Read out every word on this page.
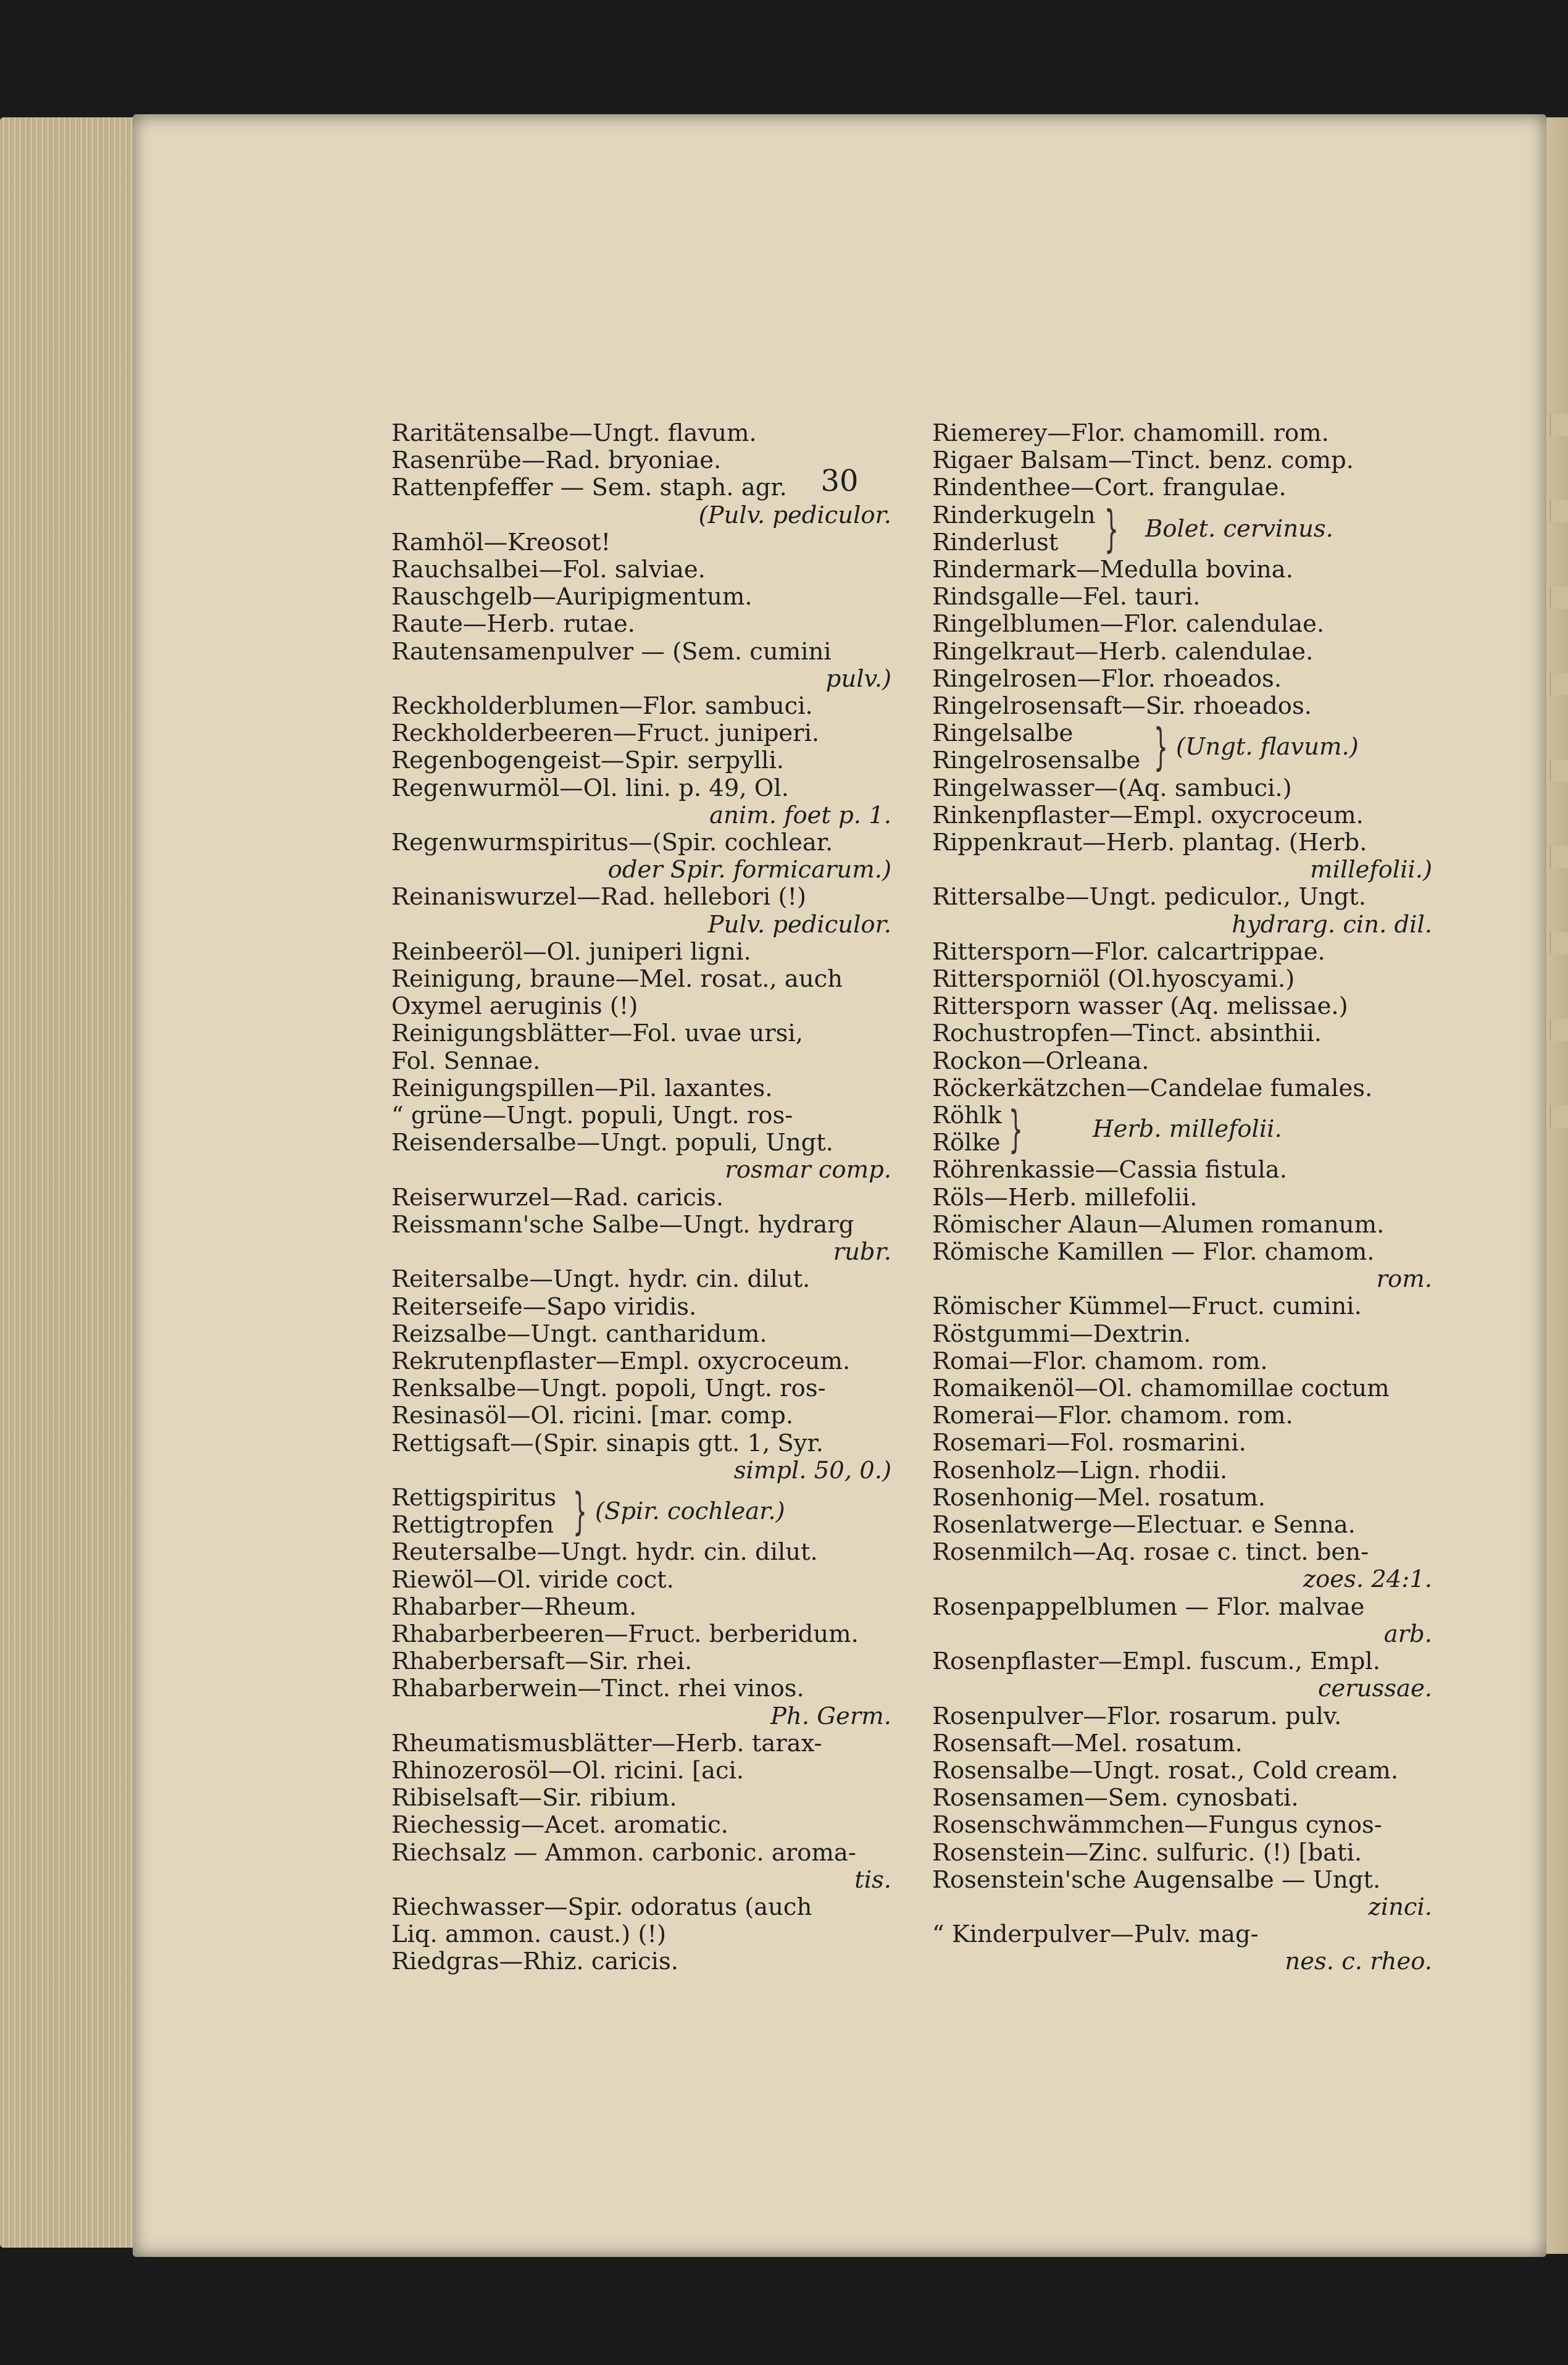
30
Raritätensalbe—Ungt. flavum.
Rasenrübe—Rad. bryoniae.
Rattenpfeffer — Sem. staph. agr.
(Pulv. pediculor.
Ramhöl—Kreosot!
Rauchsalbei—Fol. salviae.
Rauschgelb—Auripigmentum.
Raute—Herb. rutae.
Rautensamenpulver — (Sem. cumini
pulv.)
Reckholderblumen—Flor. sambuci.
Reckholderbeeren—Fruct. juniperi.
Regenbogengeist—Spir. serpylli.
Regenwurmöl—Ol. lini. p. 49, Ol.
anim. foet p. 1.
Regenwurmspiritus—(Spir. cochlear.
oder Spir. formicarum.)
Reinaniswurzel—Rad. hellebori (!)
Pulv. pediculor.
Reinbeeröl—Ol. juniperi ligni.
Reinigung, braune—Mel. rosat., auch
Oxymel aeruginis (!)
Reinigungsblätter—Fol. uvae ursi,
Fol. Sennae.
Reinigungspillen—Pil. laxantes.
“ grüne—Ungt. populi, Ungt. ros-
Reisendersalbe—Ungt. populi, Ungt.
rosmar comp.
Reiserwurzel—Rad. caricis.
Reissmann'sche Salbe—Ungt. hydrarg
rubr.
Reitersalbe—Ungt. hydr. cin. dilut.
Reiterseife—Sapo viridis.
Reizsalbe—Ungt. cantharidum.
Rekrutenpflaster—Empl. oxycroceum.
Renksalbe—Ungt. popoli, Ungt. ros-
Resinasöl—Ol. ricini. [mar. comp.
Rettigsaft—(Spir. sinapis gtt. 1, Syr.
simpl. 50, 0.)
Rettigspiritus
Rettigtropfen } (Spir. cochlear.)
Reutersalbe—Ungt. hydr. cin. dilut.
Riewöl—Ol. viride coct.
Rhabarber—Rheum.
Rhabarberbeeren—Fruct. berberidum.
Rhaberbersaft—Sir. rhei.
Rhabarberwein—Tinct. rhei vinos.
Ph. Germ.
Rheumatismusblätter—Herb. tarax-
Rhinozerosöl—Ol. ricini. [aci.
Ribiselsaft—Sir. ribium.
Riechessig—Acet. aromatic.
Riechsalz — Ammon. carbonic. aroma-
tis.
Riechwasser—Spir. odoratus (auch
Liq. ammon. caust.) (!)
Riedgras—Rhiz. caricis.
Riemerey—Flor. chamomill. rom.
Rigaer Balsam—Tinct. benz. comp.
Rindenthee—Cort. frangulae.
Rinderkugeln
Rinderlust } Bolet. cervinus.
Rindermark—Medulla bovina.
Rindsgalle—Fel. tauri.
Ringelblumen—Flor. calendulae.
Ringelkraut—Herb. calendulae.
Ringelrosen—Flor. rhoeados.
Ringelrosensaft—Sir. rhoeados.
Ringelsalbe
Ringelrosensalbe } (Ungt. flavum.)
Ringelwasser—(Aq. sambuci.)
Rinkenpflaster—Empl. oxycroceum.
Rippenkraut—Herb. plantag. (Herb.
millefolii.)
Rittersalbe—Ungt. pediculor., Ungt.
hydrarg. cin. dil.
Rittersporn—Flor. calcartrippae.
Rittersporniöl (Ol.hyoscyami.)
Rittersporn wasser (Aq. melissae.)
Rochustropfen—Tinct. absinthii.
Rockon—Orleana.
Röckerkätzchen—Candelae fumales.
Röhlk
Rölke }	Herb. millefolii.
Röhrenkassie—Cassia fistula.
Röls—Herb. millefolii.
Römischer Alaun—Alumen romanum.
Römische Kamillen — Flor. chamom.
rom.
Römischer Kümmel—Fruct. cumini.
Röstgummi—Dextrin.
Romai—Flor. chamom. rom.
Romaikenöl—Ol. chamomillae coctum
Romerai—Flor. chamom. rom.
Rosemari—Fol. rosmarini.
Rosenholz—Lign. rhodii.
Rosenhonig—Mel. rosatum.
Rosenlatwerge—Electuar. e Senna.
Rosenmilch—Aq. rosae c. tinct. ben-
zoes. 24:1.
Rosenpappelblumen — Flor. malvae
arb.
Rosenpflaster—Empl. fuscum., Empl.
cerussae.
Rosenpulver—Flor. rosarum. pulv.
Rosensaft—Mel. rosatum.
Rosensalbe—Ungt. rosat., Cold cream.
Rosensamen—Sem. cynosbati.
Rosenschwämmchen—Fungus cynos-
Rosenstein—Zinc. sulfuric. (!) [bati.
Rosenstein'sche Augensalbe — Ungt.
zinci.
“ Kinderpulver—Pulv. mag-
nes. c. rheo.
